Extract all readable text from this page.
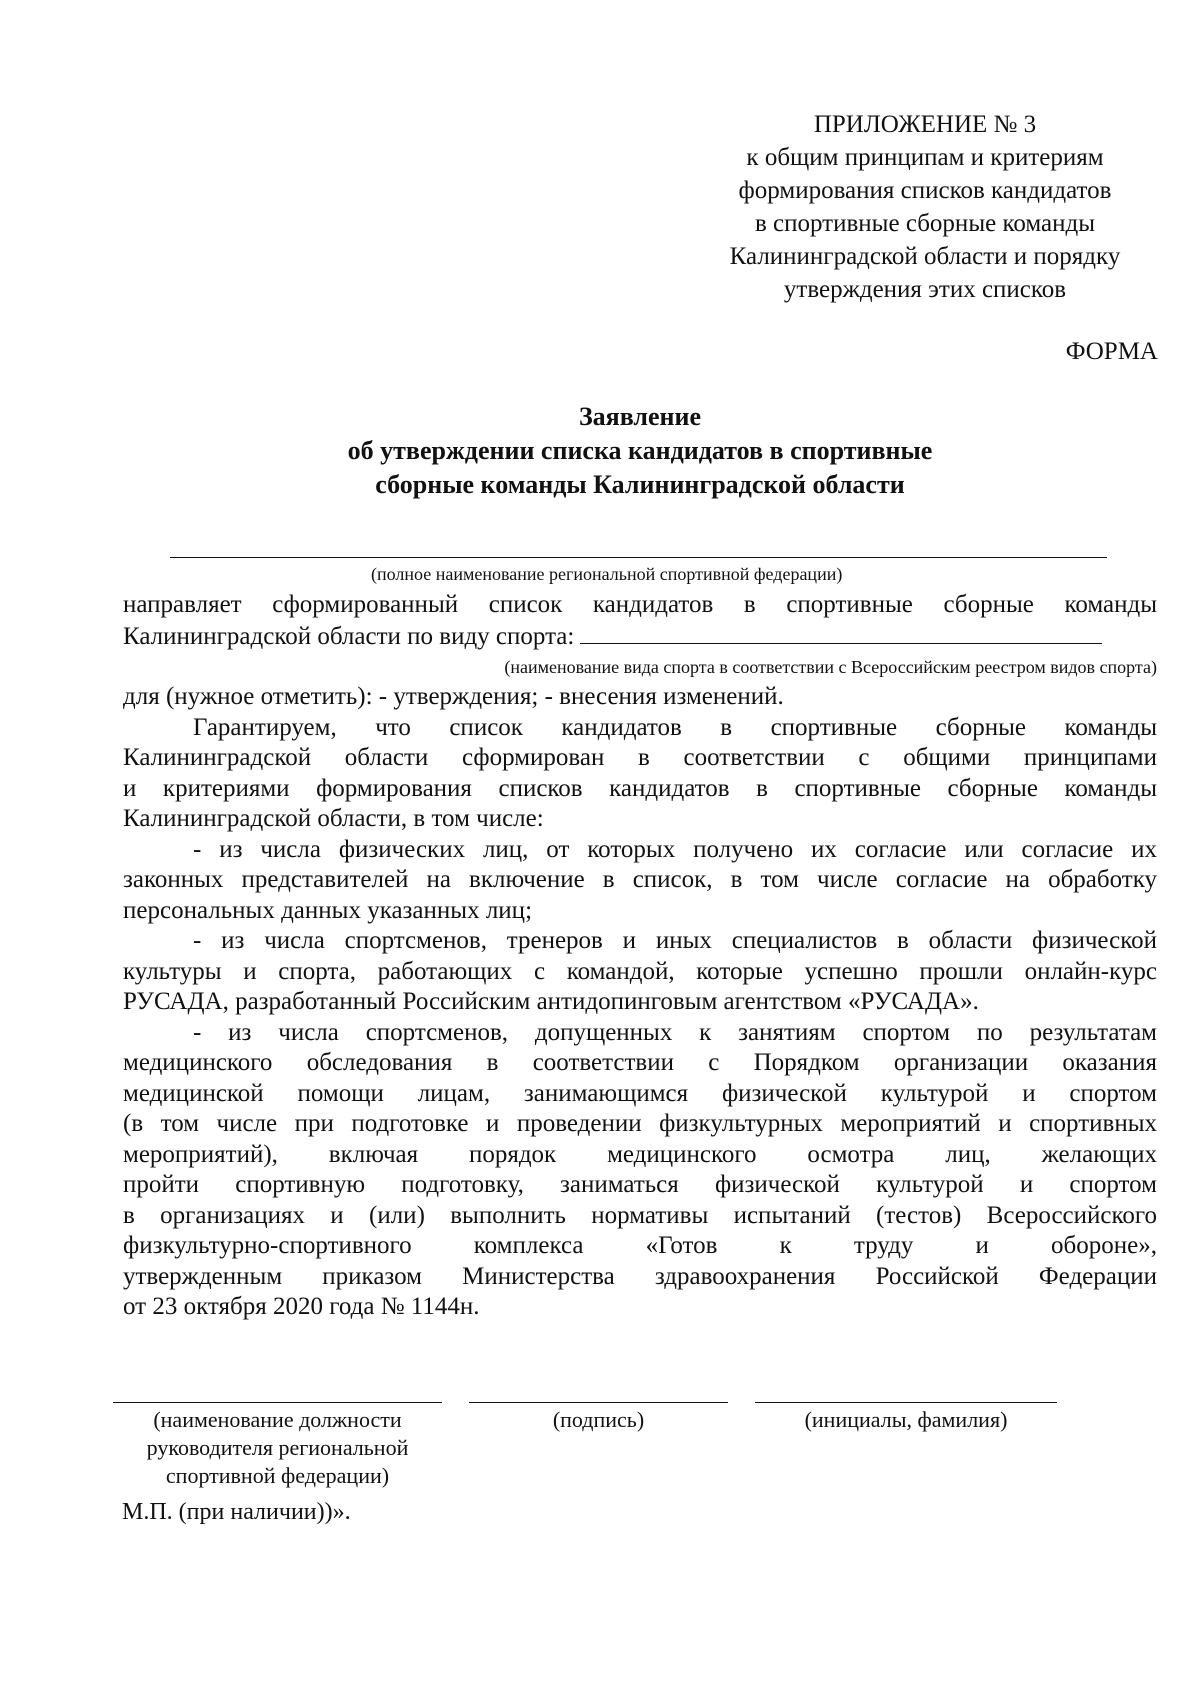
ПРИЛОЖЕНИЕ № 3
к общим принципам и критериям
формирования списков кандидатов
в спортивные сборные команды
Калининградской области и порядку
утверждения этих списков
ФОРМА
Заявление
об утверждении списка кандидатов в спортивные
сборные команды Калининградской области
(полное наименование региональной спортивной федерации)
направляет сформированный список кандидатов в спортивные сборные команды
Калининградской области по виду спорта:
(наименование вида спорта в соответствии с Всероссийским реестром видов спорта)
для (нужное отметить): - утверждения; - внесения изменений.
Гарантируем, что список кандидатов в спортивные сборные команды
Калининградской области сформирован в соответствии с общими принципами
и критериями формирования списков кандидатов в спортивные сборные команды
Калининградской области, в том числе:
- из числа физических лиц, от которых получено их согласие или согласие их
законных представителей на включение в список, в том числе согласие на обработку
персональных данных указанных лиц;
- из числа спортсменов, тренеров и иных специалистов в области физической
культуры и спорта, работающих с командой, которые успешно прошли онлайн-курс
РУСАДА, разработанный Российским антидопинговым агентством «РУСАДА».
- из числа спортсменов, допущенных к занятиям спортом по результатам
медицинского обследования в соответствии с Порядком организации оказания
медицинской помощи лицам, занимающимся физической культурой и спортом
(в том числе при подготовке и проведении физкультурных мероприятий и спортивных
мероприятий), включая порядок медицинского осмотра лиц, желающих
пройти спортивную подготовку, заниматься физической культурой и спортом
в организациях и (или) выполнить нормативы испытаний (тестов) Всероссийского
физкультурно-спортивного комплекса «Готов к труду и обороне»,
утвержденным приказом Министерства здравоохранения Российской Федерации
от 23 октября 2020 года № 1144н.
(наименование должности
руководителя региональной
спортивной федерации)
(подпись)	(инициалы, фамилия)
М.П. (при наличии))».
